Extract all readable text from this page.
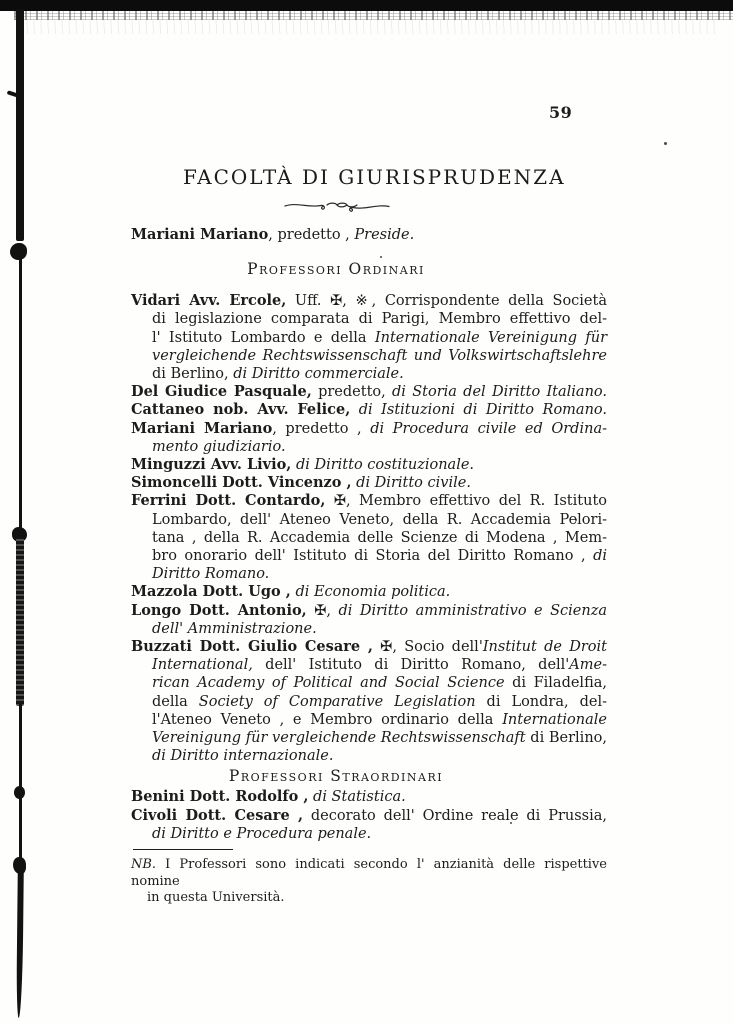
59
FACOLTÀ DI GIURISPRUDENZA
Mariani Mariano, predetto , Preside.
Professori Ordinari
Vidari Avv. Ercole, Uff. ✠, ※, Corrispondente della Società
di legislazione comparata di Parigi, Membro effettivo del-
l' Istituto Lombardo e della Internationale Vereinigung für
vergleichende Rechtswissenschaft und Volkswirtschaftslehre
di Berlino, di Diritto commerciale.
Del Giudice Pasquale, predetto, di Storia del Diritto Italiano.
Cattaneo nob. Avv. Felice, di Istituzioni di Diritto Romano.
Mariani Mariano, predetto , di Procedura civile ed Ordina-
mento giudiziario.
Minguzzi Avv. Livio, di Diritto costituzionale.
Simoncelli Dott. Vincenzo , di Diritto civile.
Ferrini Dott. Contardo, ✠, Membro effettivo del R. Istituto
Lombardo, dell' Ateneo Veneto, della R. Accademia Pelori-
tana , della R. Accademia delle Scienze di Modena , Mem-
bro onorario dell' Istituto di Storia del Diritto Romano , di
Diritto Romano.
Mazzola Dott. Ugo , di Economia politica.
Longo Dott. Antonio, ✠, di Diritto amministrativo e Scienza
dell' Amministrazione.
Buzzati Dott. Giulio Cesare , ✠, Socio dell'Institut de Droit
International, dell' Istituto di Diritto Romano, dell'Ame-
rican Academy of Political and Social Science di Filadelfia,
della Society of Comparative Legislation di Londra, del-
l'Ateneo Veneto , e Membro ordinario della Internationale
Vereinigung für vergleichende Rechtswissenschaft di Berlino,
di Diritto internazionale.
Professori Straordinari
Benini Dott. Rodolfo , di Statistica.
Civoli Dott. Cesare , decorato dell' Ordine reale di Prussia,
di Diritto e Procedura penale.
NB. I Professori sono indicati secondo l' anzianità delle rispettive nomine
in questa Università.
